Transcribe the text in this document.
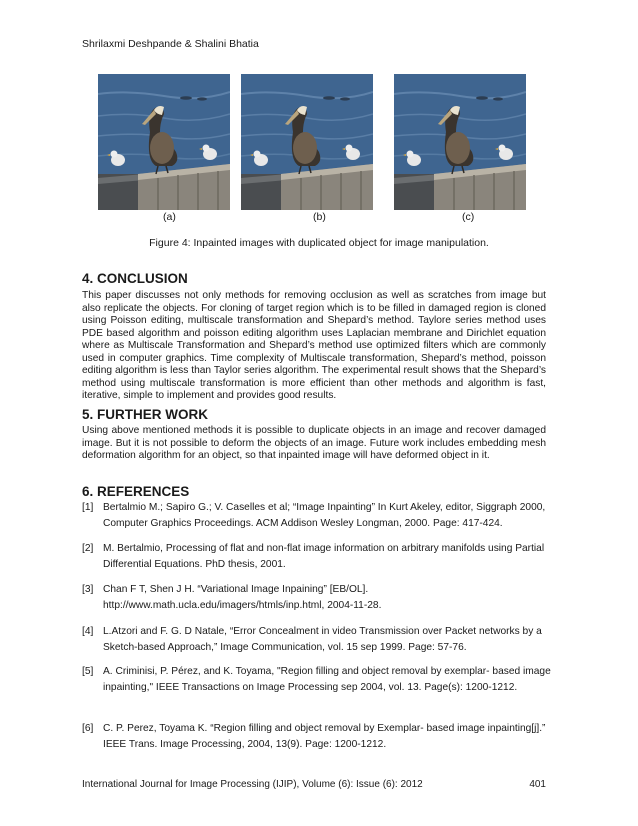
Shrilaxmi Deshpande & Shalini Bhatia
(a)	(b)	(c)
Figure 4: Inpainted images with duplicated object for image manipulation.
4. CONCLUSION

This paper discusses not only methods for removing occlusion as well as scratches from image but also replicate the objects. For cloning of target region which is to be filled in damaged region is cloned using Poisson editing, multiscale transformation and Shepard’s method. Taylore series method uses PDE based algorithm and poisson editing algorithm uses Laplacian membrane and Dirichlet equation where as Multiscale Transformation and Shepard’s method use optimized filters which are commonly used in computer graphics. Time complexity of Multiscale transformation, Shepard’s method, poisson editing algorithm is less than Taylor series algorithm. The experimental result shows that the Shepard’s method using multiscale transformation is more efficient than other methods and algorithm is fast, iterative, simple to implement and provides good results.

5. FURTHER WORK

Using above mentioned methods it is possible to duplicate objects in an image and recover damaged image. But it is not possible to deform the objects of an image. Future work includes embedding mesh deformation algorithm for an object, so that inpainted image will have deformed object in it.

6. REFERENCES
[1] Bertalmio M.; Sapiro G.; V. Caselles et al; “Image Inpainting” In Kurt Akeley, editor, Siggraph 2000, Computer Graphics Proceedings. ACM Addison Wesley Longman, 2000. Page: 417-424.
[2] M. Bertalmio, Processing of flat and non-flat image information on arbitrary manifolds using Partial Differential Equations. PhD thesis, 2001.
[3] Chan F T, Shen J H. “Variational Image Inpaining” [EB/OL]. http://www.math.ucla.edu/imagers/htmls/inp.html, 2004-11-28.
[4] L.Atzori and F. G. D Natale, “Error Concealment in video Transmission over Packet networks by a Sketch-based Approach,” Image Communication, vol. 15 sep 1999. Page: 57-76.
[5] A. Criminisi, P. Pérez, and K. Toyama, "Region filling and object removal by exemplar- based image inpainting," IEEE Transactions on Image Processing sep 2004, vol. 13. Page(s): 1200-1212.
[6] C. P. Perez, Toyama K. “Region filling and object removal by Exemplar- based image inpainting[j].” IEEE Trans. Image Processing, 2004, 13(9). Page: 1200-1212.
International Journal for Image Processing (IJIP), Volume (6): Issue (6): 2012	401
